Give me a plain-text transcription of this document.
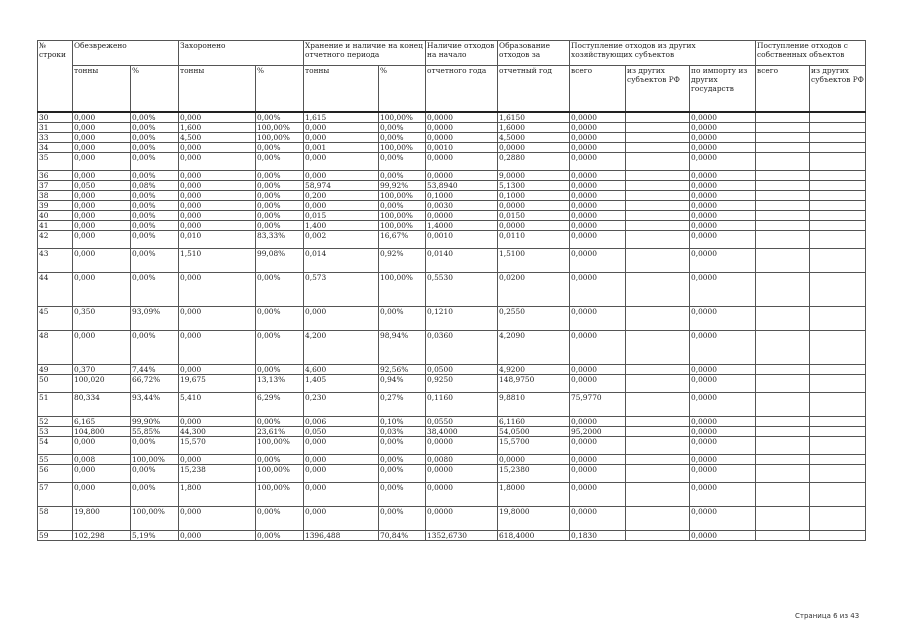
№ строки	Обезврежено		Захоронено		Хранение и наличие на конец отчетного периода		Наличие отходов на начало	Образование отходов за	Поступление отходов из других хозяйствующих субъектов			Поступление отходов с собственных объектов	
	тонны	%	тонны	%	тонны	%	отчетного года	отчетный год	всего	из других субъектов РФ	по импорту из других государств	всего	из других субъектов РФ
30	0,000	0,00%	0,000	0,00%	1,615	100,00%	0,0000	1,6150	0,0000		0,0000		
31	0,000	0,00%	1,600	100,00%	0,000	0,00%	0,0000	1,6000	0,0000		0,0000		
33	0,000	0,00%	4,500	100,00%	0,000	0,00%	0,0000	4,5000	0,0000		0,0000		
34	0,000	0,00%	0,000	0,00%	0,001	100,00%	0,0010	0,0000	0,0000		0,0000		
35	0,000	0,00%	0,000	0,00%	0,000	0,00%	0,0000	0,2880	0,0000		0,0000		
36	0,000	0,00%	0,000	0,00%	0,000	0,00%	0,0000	9,0000	0,0000		0,0000		
37	0,050	0,08%	0,000	0,00%	58,974	99,92%	53,8940	5,1300	0,0000		0,0000		
38	0,000	0,00%	0,000	0,00%	0,200	100,00%	0,1000	0,1000	0,0000		0,0000		
39	0,000	0,00%	0,000	0,00%	0,000	0,00%	0,0030	0,0000	0,0000		0,0000		
40	0,000	0,00%	0,000	0,00%	0,015	100,00%	0,0000	0,0150	0,0000		0,0000		
41	0,000	0,00%	0,000	0,00%	1,400	100,00%	1,4000	0,0000	0,0000		0,0000		
42	0,000	0,00%	0,010	83,33%	0,002	16,67%	0,0010	0,0110	0,0000		0,0000		
43	0,000	0,00%	1,510	99,08%	0,014	0,92%	0,0140	1,5100	0,0000		0,0000		
44	0,000	0,00%	0,000	0,00%	0,573	100,00%	0,5530	0,0200	0,0000		0,0000		
45	0,350	93,09%	0,000	0,00%	0,000	0,00%	0,1210	0,2550	0,0000		0,0000		
48	0,000	0,00%	0,000	0,00%	4,200	98,94%	0,0360	4,2090	0,0000		0,0000		
49	0,370	7,44%	0,000	0,00%	4,600	92,56%	0,0500	4,9200	0,0000		0,0000		
50	100,020	66,72%	19,675	13,13%	1,405	0,94%	0,9250	148,9750	0,0000		0,0000		
51	80,334	93,44%	5,410	6,29%	0,230	0,27%	0,1160	9,8810	75,9770		0,0000		
52	6,165	99,90%	0,000	0,00%	0,006	0,10%	0,0550	6,1160	0,0000		0,0000		
53	104,800	55,85%	44,300	23,61%	0,050	0,03%	38,4000	54,0500	95,2000		0,0000		
54	0,000	0,00%	15,570	100,00%	0,000	0,00%	0,0000	15,5700	0,0000		0,0000		
55	0,008	100,00%	0,000	0,00%	0,000	0,00%	0,0080	0,0000	0,0000		0,0000		
56	0,000	0,00%	15,238	100,00%	0,000	0,00%	0,0000	15,2380	0,0000		0,0000		
57	0,000	0,00%	1,800	100,00%	0,000	0,00%	0,0000	1,8000	0,0000		0,0000		
58	19,800	100,00%	0,000	0,00%	0,000	0,00%	0,0000	19,8000	0,0000		0,0000		
59	102,298	5,19%	0,000	0,00%	1396,488	70,84%	1352,6730	618,4000	0,1830		0,0000		
Страница 6 из 43
